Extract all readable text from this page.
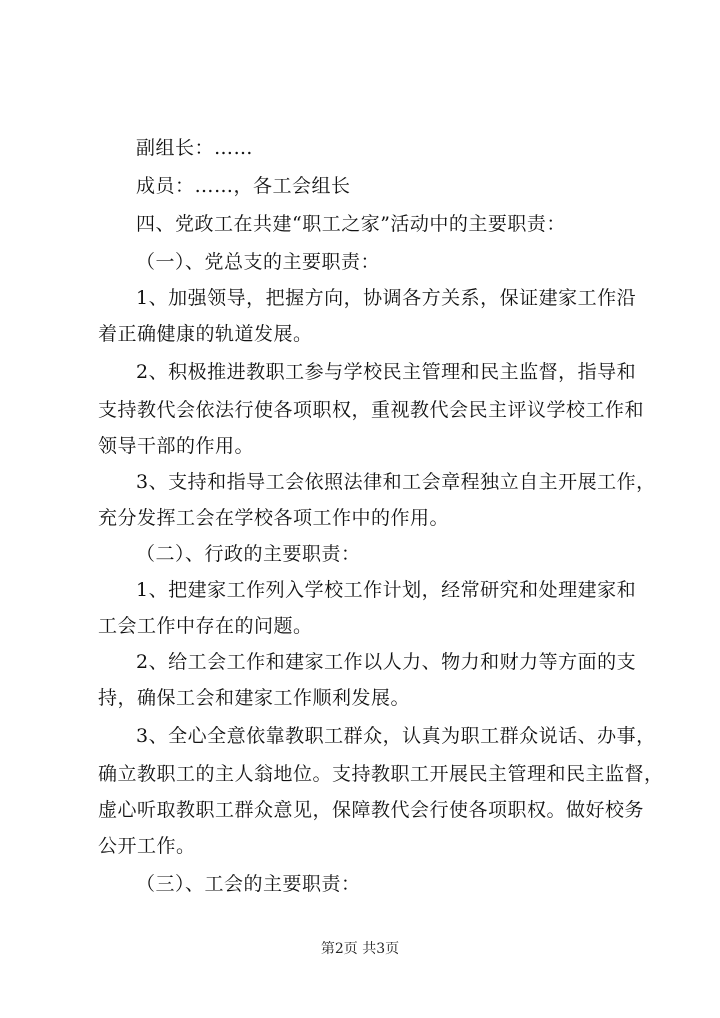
副组长：……
成员：……，各工会组长
四、党政工在共建“职工之家”活动中的主要职责：
（一）、党总支的主要职责：
1、加强领导，把握方向，协调各方关系，保证建家工作沿
着正确健康的轨道发展。
2、积极推进教职工参与学校民主管理和民主监督，指导和
支持教代会依法行使各项职权，重视教代会民主评议学校工作和
领导干部的作用。
3、支持和指导工会依照法律和工会章程独立自主开展工作，
充分发挥工会在学校各项工作中的作用。
（二）、行政的主要职责：
1、把建家工作列入学校工作计划，经常研究和处理建家和
工会工作中存在的问题。
2、给工会工作和建家工作以人力、物力和财力等方面的支
持，确保工会和建家工作顺利发展。
3、全心全意依靠教职工群众，认真为职工群众说话、办事，
确立教职工的主人翁地位。支持教职工开展民主管理和民主监督，
虚心听取教职工群众意见，保障教代会行使各项职权。做好校务
公开工作。
（三）、工会的主要职责：
第2页 共3页
